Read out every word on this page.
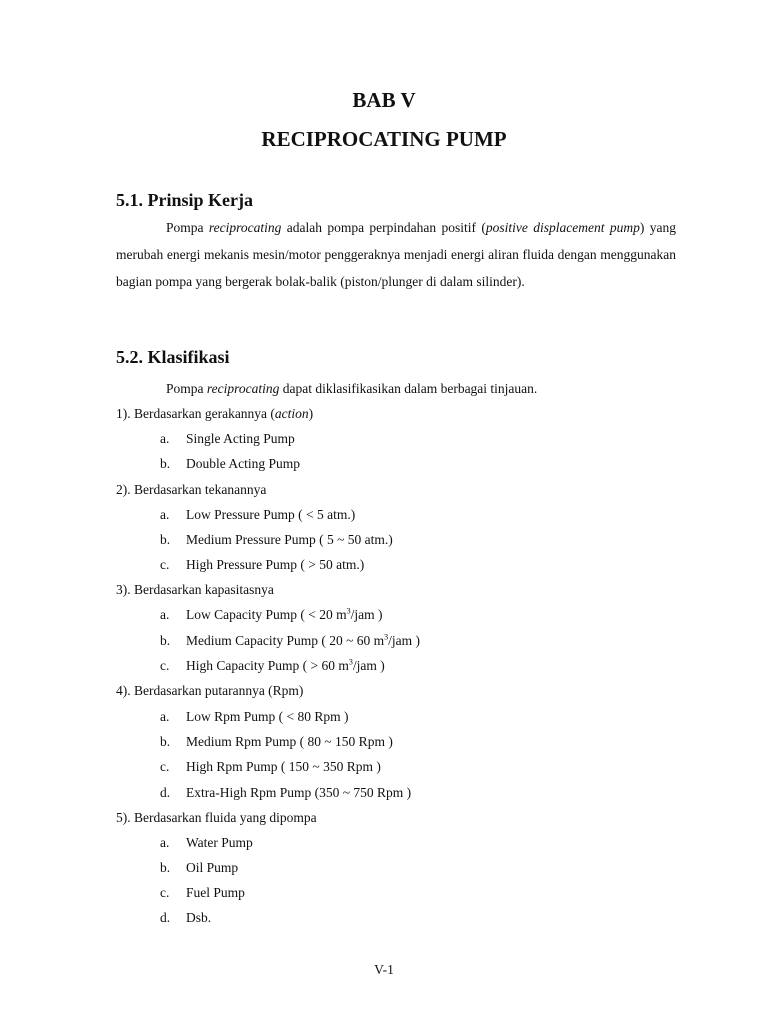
BAB V
RECIPROCATING PUMP
5.1. Prinsip Kerja
Pompa reciprocating adalah pompa perpindahan positif (positive displacement pump) yang merubah energi mekanis mesin/motor penggeraknya menjadi energi aliran fluida dengan menggunakan bagian pompa yang bergerak bolak-balik (piston/plunger di dalam silinder).
5.2. Klasifikasi
Pompa reciprocating dapat diklasifikasikan dalam berbagai tinjauan.
1). Berdasarkan gerakannya (action)
a. Single Acting Pump
b. Double Acting Pump
2). Berdasarkan tekanannya
a. Low Pressure Pump ( < 5 atm.)
b. Medium Pressure Pump ( 5 ~ 50 atm.)
c. High Pressure Pump ( > 50 atm.)
3). Berdasarkan kapasitasnya
a. Low Capacity Pump ( < 20 $m^3$/jam )
b. Medium Capacity Pump ( 20 ~ 60 $m^3$/jam )
c. High Capacity Pump ( > 60 $m^3$/jam )
4). Berdasarkan putarannya (Rpm)
a. Low Rpm Pump ( < 80 Rpm )
b. Medium Rpm Pump ( 80 ~ 150 Rpm )
c. High Rpm Pump ( 150 ~ 350 Rpm )
d. Extra-High Rpm Pump (350 ~ 750 Rpm )
5). Berdasarkan fluida yang dipompa
a. Water Pump
b. Oil Pump
c. Fuel Pump
d. Dsb.
V-1
